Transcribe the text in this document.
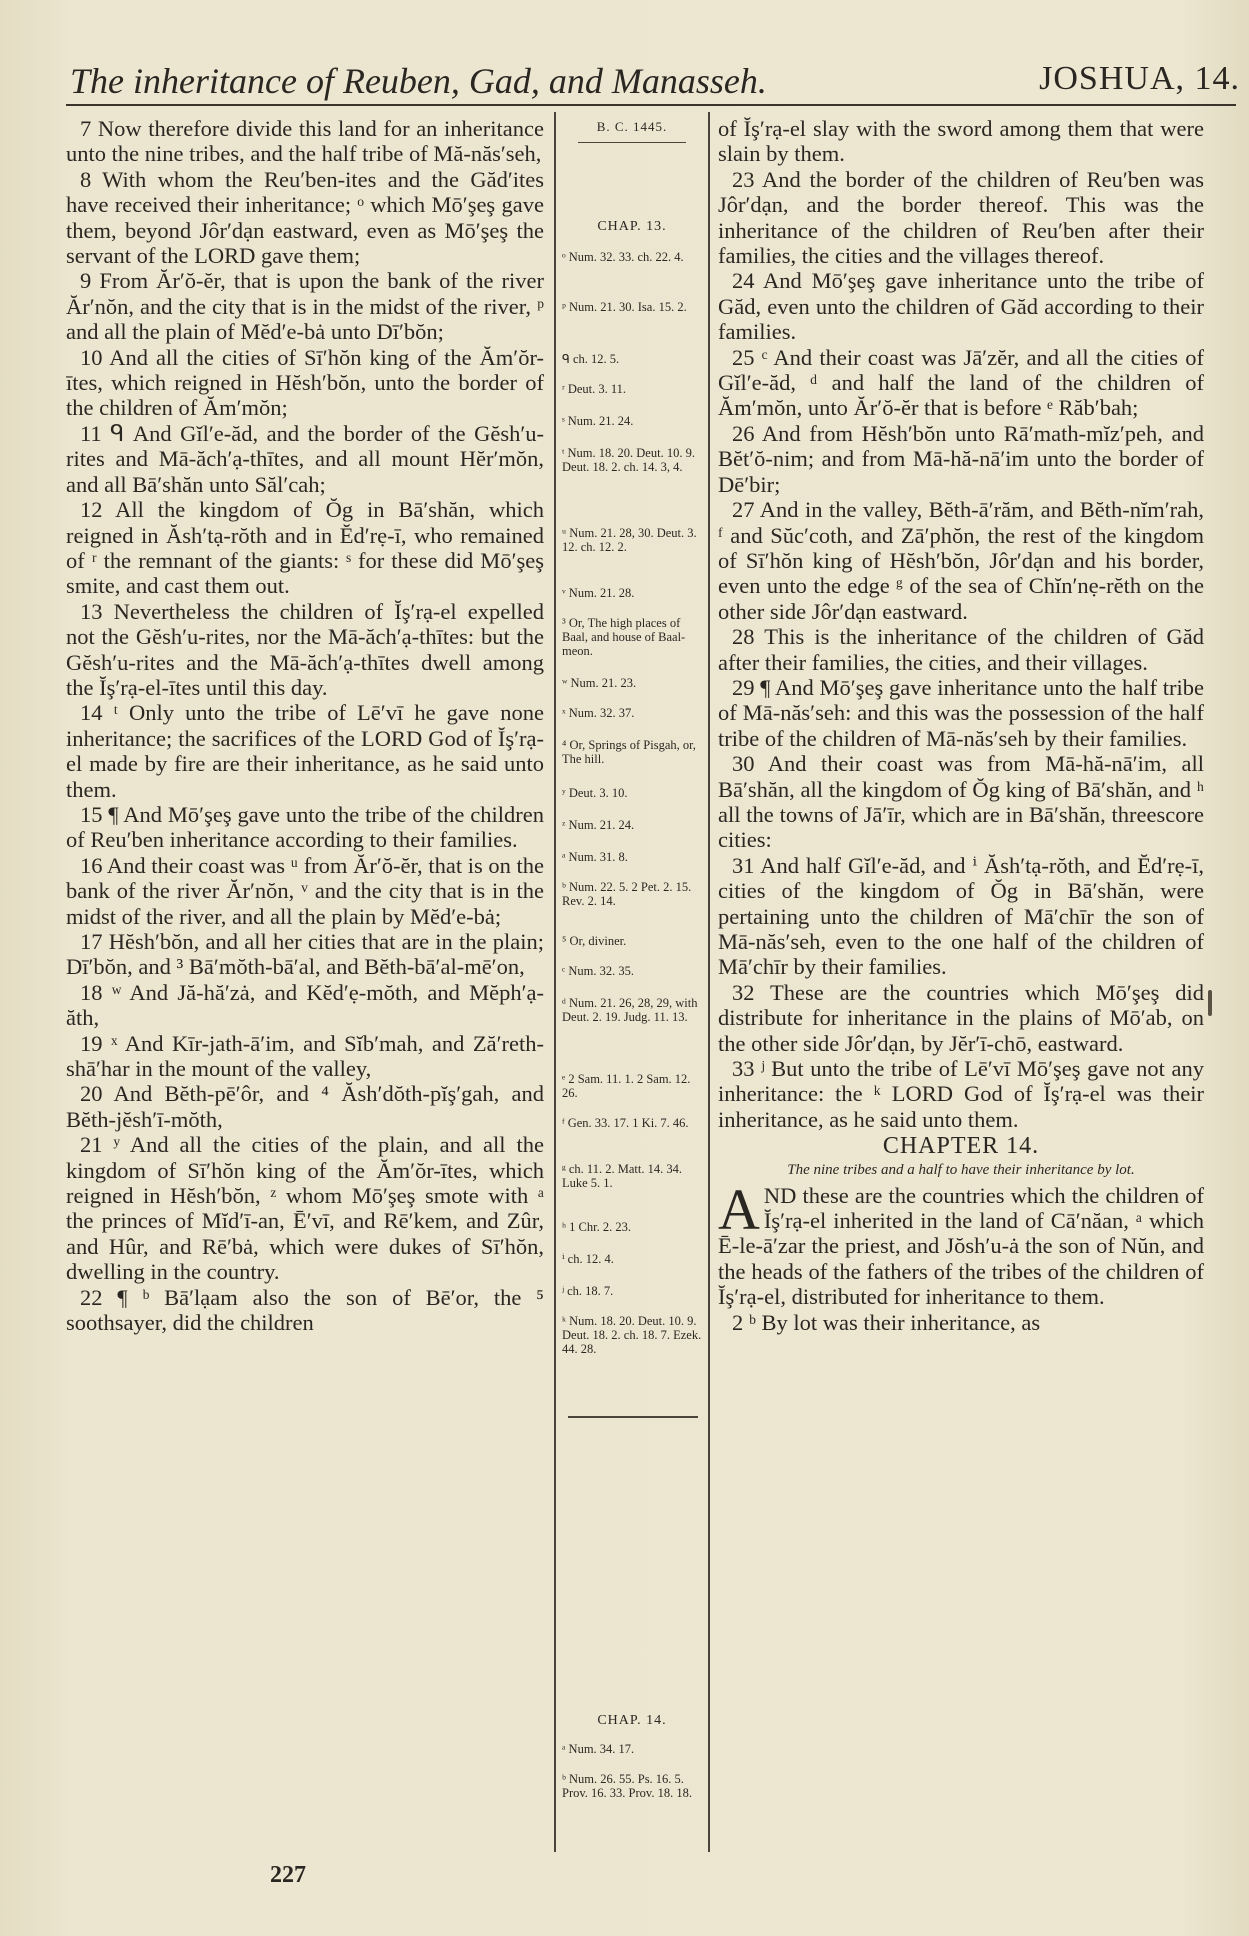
The inheritance of Reuben, Gad, and Manasseh.	JOSHUA, 14.

7 Now therefore divide this land for an inheritance unto the nine tribes, and the half tribe of Mă-năs′seh,

8 With whom the Reu′ben-ites and the Găd′ites have received their inheritance; ᵒ which Mō′şeş gave them, beyond Jôr′dạn eastward, even as Mō′şeş the servant of the LORD gave them;

9 From Ăr′ŏ-ĕr, that is upon the bank of the river Ăr′nŏn, and the city that is in the midst of the river, ᵖ and all the plain of Mĕd′e-bȧ unto Dī′bŏn;

10 And all the cities of Sī′hŏn king of the Ăm′ŏr-ītes, which reigned in Hĕsh′bŏn, unto the border of the children of Ăm′mŏn;

11 ᑫ And Gĭl′e-ăd, and the border of the Gĕsh′u-rites and Mā-ăch′ạ-thītes, and all mount Hĕr′mŏn, and all Bā′shăn unto Săl′cah;

12 All the kingdom of Ŏg in Bā′shăn, which reigned in Ăsh′tạ-rŏth and in Ĕd′rẹ-ī, who remained of ʳ the remnant of the giants: ˢ for these did Mō′şeş smite, and cast them out.

13 Nevertheless the children of Ĭş′rạ-el expelled not the Gĕsh′u-rites, nor the Mā-ăch′ạ-thītes: but the Gĕsh′u-rites and the Mā-ăch′ạ-thītes dwell among the Ĭş′rạ-el-ītes until this day.

14 ᵗ Only unto the tribe of Lē′vī he gave none inheritance; the sacrifices of the LORD God of Ĭş′rạ-el made by fire are their inheritance, as he said unto them.

15 ¶ And Mō′şeş gave unto the tribe of the children of Reu′ben inheritance according to their families.

16 And their coast was ᵘ from Ăr′ŏ-ĕr, that is on the bank of the river Ăr′nŏn, ᵛ and the city that is in the midst of the river, and all the plain by Mĕd′e-bȧ;

17 Hĕsh′bŏn, and all her cities that are in the plain; Dī′bŏn, and ³ Bā′mŏth-bā′al, and Bĕth-bā′al-mē′on,

18 ʷ And Jă-hă′zȧ, and Kĕd′ẹ-mŏth, and Mĕph′ạ-ăth,

19 ˣ And Kīr-jath-ā′im, and Sĭb′mah, and Ză′reth-shā′har in the mount of the valley,

20 And Bĕth-pē′ôr, and ⁴ Ăsh′dŏth-pĭş′gah, and Bĕth-jĕsh′ī-mŏth,

21 ʸ And all the cities of the plain, and all the kingdom of Sī′hŏn king of the Ăm′ŏr-ītes, which reigned in Hĕsh′bŏn, ᶻ whom Mō′şeş smote with ᵃ the princes of Mĭd′ī-an, Ē′vī, and Rē′kem, and Zûr, and Hûr, and Rē′bȧ, which were dukes of Sī′hŏn, dwelling in the country.

22 ¶ ᵇ Bā′lạam also the son of Bē′or, the ⁵ soothsayer, did the children

B. C. 1445.
CHAP. 13.
ᵒ Num. 32. 33. ch. 22. 4.
ᵖ Num. 21. 30. Isa. 15. 2.
ᑫ ch. 12. 5.
ʳ Deut. 3. 11.
ˢ Num. 21. 24.
ᵗ Num. 18. 20. Deut. 10. 9. Deut. 18. 2. ch. 14. 3, 4.
ᵘ Num. 21. 28, 30. Deut. 3. 12. ch. 12. 2.
ᵛ Num. 21. 28.
³ Or, The high places of Baal, and house of Baal-meon.
ʷ Num. 21. 23.
ˣ Num. 32. 37.
⁴ Or, Springs of Pisgah, or, The hill.
ʸ Deut. 3. 10.
ᶻ Num. 21. 24.
ᵃ Num. 31. 8.
ᵇ Num. 22. 5. 2 Pet. 2. 15. Rev. 2. 14.
⁵ Or, diviner.
ᶜ Num. 32. 35.
ᵈ Num. 21. 26, 28, 29, with Deut. 2. 19. Judg. 11. 13.
ᵉ 2 Sam. 11. 1. 2 Sam. 12. 26.
ᶠ Gen. 33. 17. 1 Ki. 7. 46.
ᵍ ch. 11. 2. Matt. 14. 34. Luke 5. 1.
ʰ 1 Chr. 2. 23.
ⁱ ch. 12. 4.
ʲ ch. 18. 7.
ᵏ Num. 18. 20. Deut. 10. 9. Deut. 18. 2. ch. 18. 7. Ezek. 44. 28.
CHAP. 14.
ᵃ Num. 34. 17.
ᵇ Num. 26. 55. Ps. 16. 5. Prov. 16. 33. Prov. 18. 18.

of Ĭş′rạ-el slay with the sword among them that were slain by them.

23 And the border of the children of Reu′ben was Jôr′dạn, and the border thereof. This was the inheritance of the children of Reu′ben after their families, the cities and the villages thereof.

24 And Mō′şeş gave inheritance unto the tribe of Găd, even unto the children of Găd according to their families.

25 ᶜ And their coast was Jā′zĕr, and all the cities of Gĭl′e-ăd, ᵈ and half the land of the children of Ăm′mŏn, unto Ăr′ŏ-ĕr that is before ᵉ Răb′bah;

26 And from Hĕsh′bŏn unto Rā′math-mĭz′peh, and Bĕt′ŏ-nim; and from Mā-hă-nā′im unto the border of Dē′bir;

27 And in the valley, Bĕth-ā′răm, and Bĕth-nĭm′rah, ᶠ and Sŭc′coth, and Zā′phŏn, the rest of the kingdom of Sī′hŏn king of Hĕsh′bŏn, Jôr′dạn and his border, even unto the edge ᵍ of the sea of Chĭn′nẹ-rĕth on the other side Jôr′dạn eastward.

28 This is the inheritance of the children of Găd after their families, the cities, and their villages.

29 ¶ And Mō′şeş gave inheritance unto the half tribe of Mā-năs′seh: and this was the possession of the half tribe of the children of Mā-năs′seh by their families.

30 And their coast was from Mā-hă-nā′im, all Bā′shăn, all the kingdom of Ŏg king of Bā′shăn, and ʰ all the towns of Jā′īr, which are in Bā′shăn, threescore cities:

31 And half Gĭl′e-ăd, and ⁱ Ăsh′tạ-rŏth, and Ĕd′rẹ-ī, cities of the kingdom of Ŏg in Bā′shăn, were pertaining unto the children of Mā′chīr the son of Mā-năs′seh, even to the one half of the children of Mā′chīr by their families.

32 These are the countries which Mō′şeş did distribute for inheritance in the plains of Mō′ab, on the other side Jôr′dạn, by Jĕr′ī-chō, eastward.

33 ʲ But unto the tribe of Lē′vī Mō′şeş gave not any inheritance: the ᵏ LORD God of Ĭş′rạ-el was their inheritance, as he said unto them.

CHAPTER 14.
The nine tribes and a half to have their inheritance by lot.

AND these are the countries which the children of Ĭş′rạ-el inherited in the land of Cā′năan, ᵃ which Ē-le-ā′zar the priest, and Jŏsh′u-ȧ the son of Nŭn, and the heads of the fathers of the tribes of the children of Ĭş′rạ-el, distributed for inheritance to them.

2 ᵇ By lot was their inheritance, as

227
